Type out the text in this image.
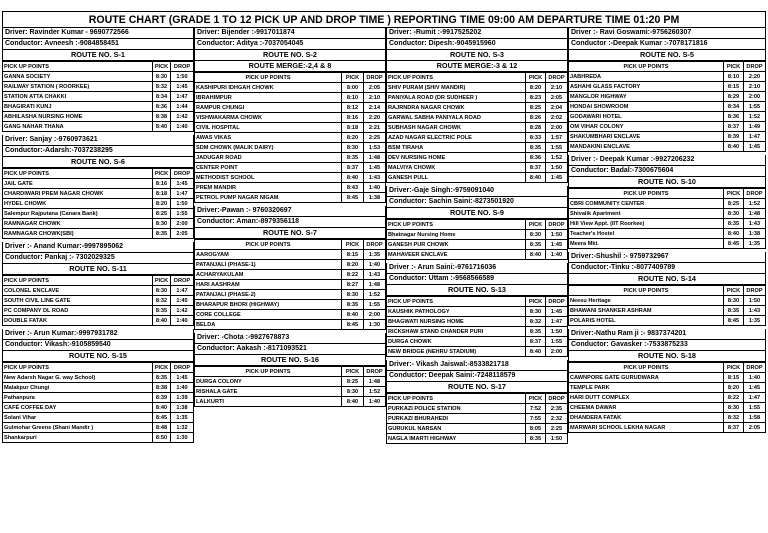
ROUTE CHART (GRADE 1 TO 12 PICK UP AND DROP TIME ) REPORTING TIME 09:00 AM DEPARTURE TIME 01:20 PM
Driver: Ravinder Kumar - 9690772566
Conductor: Avneesh :-9084858451
ROUTE NO. S-1
PICK UP POINTS	PICK	DROP
GANNA SOCIETY	8:30	1:50
RAILWAY STATION ( ROORKEE)	8:32	1:45
STATION ATTA CHAKKI	8:34	1:47
BHAGIRATI KUNJ	8:36	1:44
ABHILASHA NURSING HOME	8:38	1:42
GANG NAHAR THANA	8:40	1:40
Driver: Sanjay :-9760973621
Conductor:-Adarsh:-7037238295
ROUTE NO. S-6
PICK UP POINTS	PICK	DROP
JAIL GATE	8:16	1:45
CHARDIWARI PREM NAGAR CHOWK	8:18	1:47
HYDEL CHOWK	8:20	1:50
Salempur Rajputana (Canara Bank)	8:25	1:55
RAMNAGAR CHOWK	8:30	2:00
RAMNAGAR CHOWK(SBI)	8:35	2:05
Driver :- Anand Kumar:-9997895062
Conductor: Pankaj :- 7302029325
ROUTE NO. S-11
PICK UP POINTS	PICK	DROP
COLONEL ENCLAVE	8:30	1:47
SOUTH CIVIL LINE GATE	8:32	1:45
PC COMPANY DL ROAD	8:35	1:42
DOUBLE FATAK	8:40	1:40
Driver :- Arun Kumar:-9997931782
Conductor: Vikash:-9105859540
ROUTE NO. S-15
PICK UP POINTS	PICK	DROP
New Adarsh Nagar G. way School)	8:35	1:45
Malakpur Chungi	8:38	1:40
Pathanpura	8:39	1:39
CAFÉ COFFEE DAY	8:40	1:38
Solani Vihar	8:45	1:35
Gulmohar Greens (Shani Mandir )	8:48	1:32
Shankarpuri	8:50	1:30
Driver: Bijender :-9917011874
Conductor: Aditya :-7037054045
ROUTE NO. S-2
ROUTE MERGE:-2,4 & 8
PICK UP POINTS	PICK	DROP
KASHIPURI IDHGAH CHOWK	8:00	2:05
IBRAHIMPUR	8:10	2:10
RAMPUR CHUNGI	8:12	2:14
VISHWAKARMA CHOWK	8:16	2:20
CIVIL HOSPITAL	8:18	2:21
AWAS VIKAS	8:20	2:25
SDM CHOWK (MALIK DAIRY)	8:30	1:53
JADUGAR ROAD	8:35	1:48
CENTER POINT	8:37	1:45
METHODIST SCHOOL	8:40	1:43
PREM MANDIR	8:43	1:40
PETROL PUMP NAGAR NIGAM	8:45	1:38
Driver:-Pawan :- 9760320697
Conductor: Aman:-8979356118
ROUTE NO. S-7
PICK UP POINTS	PICK	DROP
AAROGYAM	8:15	1:35
PATANJALI (PHASE-1)	8:20	1:40
ACHARYAKULAM	8:22	1:43
HARI AASHRAM	8:27	1:48
PATANJALI (PHASE-2)	8:30	1:52
BHARAPUR BHORI (HIGHWAY)	8:35	1:55
CORE COLLEGE	8:40	2:00
BELDA	8:45	1:30
Driver: -Chota :-9927678873
Conductor: Aakash :-8171093521
ROUTE NO. S-16
PICK UP POINTS	PICK	DROP
DURGA COLONY	8:25	1:48
RISHALA GATE	8:30	1:52
LALKURTI	8:40	1:40
Driver: -Rumit :-9917525202
Conductor: Dipesh:-9045915960
ROUTE NO. S-3
ROUTE MERGE:-3 & 12
PICK UP POINTS	PICK	DROP
SHIV PURAM (SHIV MANDIR)	8:20	2:10
PANIYALA ROAD (DR SUDHEER )	8:23	2:05
RAJRNDRA NAGAR CHOWK	8:25	2:04
GARWAL SABHA PANIYALA ROAD	8:26	2:02
SUBHASH NAGAR CHOWK	8:28	2:00
AZAD NAGAR ELECTRIC POLE	8:33	1:57
BSM TIRAHA	8:35	1:55
DEV NURSING HOME	8:36	1:52
MALVIYA CHOWK	8:37	1:50
GANESH PULL	8:40	1:45
Driver:-Gaje Singh:-9759091040
Conductor: Sachin Saini:-8273501920
ROUTE NO. S-9
PICK UP POINTS	PICK	DROP
Bhatnagar Nursing Home	8:30	1:50
GANESH PUR CHOWK	8:35	1:45
MAHAVEER ENCLAVE	8:40	1:40
Driver :- Arun Saini:-9761716036
Conductor: Uttam :-9568566589
ROUTE NO. S-13
PICK UP POINTS	PICK	DROP
KAUSHIK PATHOLOGY	8:30	1:45
BHAGWATI NURSING HOME	8:32	1:47
RICKSHAW STAND CHANDER PURI	8:35	1:50
DURGA CHOWK	8:37	1:55
NEW BRIDGE (NEHRU STADIUM)	8:40	2:00
Driver:- Vikash Jaiswal:-8533821718
Conductor: Deepak Saini:-7248118579
ROUTE NO. S-17
PICK UP POINTS	PICK	DROP
PURKAZI POLICE STATION	7:52	2:35
PURKAZI BHURAHEDI	7:55	2:32
GURUKUL NARSAN	8:05	2:25
NAGLA IMARTI HIGHWAY	8:35	1:50
Driver :- Ravi Goswami:-9756260307
Conductor :-Deepak Kumar :-7078171816
ROUTE NO. S-5
PICK UP POINTS	PICK	DROP
JABHREDA	8:10	2:20
ASHAHI GLASS FACTORY	8:15	2:10
MANGLOR HIGHWAY	8:29	2:00
HONDAI SHOWROOM	8:34	1:55
GODAWARI HOTEL	8:36	1:52
OM VIHAR COLONY	8:37	1:49
SHAKUMBHARI ENCLAVE	8:39	1:47
MANDAKINI ENCLAVE	8:40	1:45
Driver :- Deepak Kumar :-9927206232
Conductor: Badal:-7300675604
ROUTE NO. S-10
PICK UP POINTS	PICK	DROP
CBRI COMMUNITY CENTER	8:25	1:52
Shivalik Apartment	8:30	1:48
Hill View Appt. (IIT Roorkee)	8:35	1:43
Teacher's Hostel	8:40	1:38
Meera Mkt.	8:45	1:35
Driver:-Shushil :- 9759732967
Conductor:-Tinku :-8077409789
ROUTE NO. S-14
PICK UP POINTS	PICK	DROP
Neesu Heritage	8:30	1:50
BHAWANI SHANKER ASHRAM	8:35	1:43
POLARIS HOTEL	8:45	1:35
Driver:-Nathu Ram ji :- 9837374201
Conductor: Gavasker :-7533875233
ROUTE NO. S-18
PICK UP POINTS	PICK	DROP
CAWNPORE GATE GURUDWARA	8:15	1:40
TEMPLE PARK	8:20	1:45
HARI DUTT COMPLEX	8:22	1:47
CHEEMA DAWAR	8:30	1:55
DHANDERA FATAK	8:32	1:58
MARWARI SCHOOL LEKHA NAGAR	8:37	2:05
